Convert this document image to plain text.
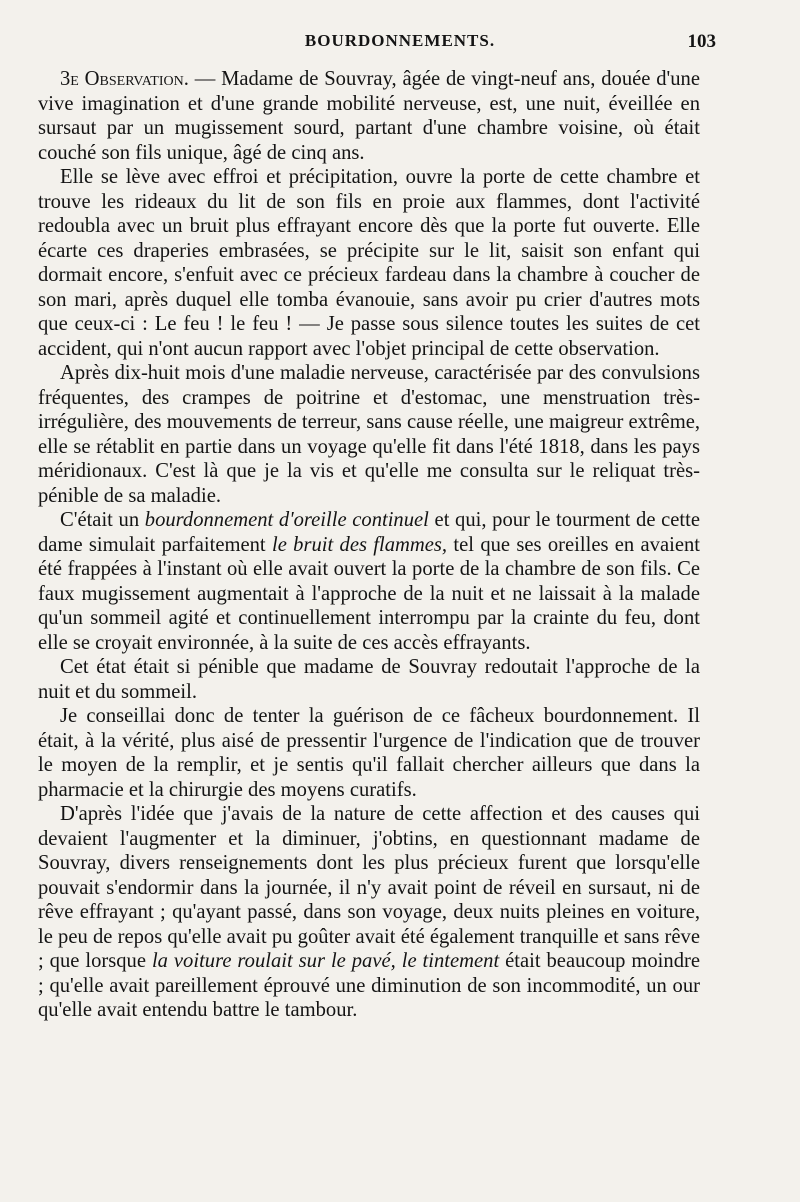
BOURDONNEMENTS.	103

3e Observation. — Madame de Souvray, âgée de vingt-neuf ans, douée d'une vive imagination et d'une grande mobilité nerveuse, est, une nuit, éveillée en sursaut par un mugissement sourd, partant d'une chambre voisine, où était couché son fils unique, âgé de cinq ans.

Elle se lève avec effroi et précipitation, ouvre la porte de cette chambre et trouve les rideaux du lit de son fils en proie aux flammes, dont l'activité redoubla avec un bruit plus effrayant encore dès que la porte fut ouverte. Elle écarte ces draperies embrasées, se précipite sur le lit, saisit son enfant qui dormait encore, s'enfuit avec ce précieux fardeau dans la chambre à coucher de son mari, après duquel elle tomba évanouie, sans avoir pu crier d'autres mots que ceux-ci : Le feu ! le feu ! — Je passe sous silence toutes les suites de cet accident, qui n'ont aucun rapport avec l'objet principal de cette observation.

Après dix-huit mois d'une maladie nerveuse, caractérisée par des convulsions fréquentes, des crampes de poitrine et d'estomac, une menstruation très-irrégulière, des mouvements de terreur, sans cause réelle, une maigreur extrême, elle se rétablit en partie dans un voyage qu'elle fit dans l'été 1818, dans les pays méridionaux. C'est là que je la vis et qu'elle me consulta sur le reliquat très-pénible de sa maladie.

C'était un bourdonnement d'oreille continuel et qui, pour le tourment de cette dame simulait parfaitement le bruit des flammes, tel que ses oreilles en avaient été frappées à l'instant où elle avait ouvert la porte de la chambre de son fils. Ce faux mugissement augmentait à l'approche de la nuit et ne laissait à la malade qu'un sommeil agité et continuellement interrompu par la crainte du feu, dont elle se croyait environnée, à la suite de ces accès effrayants.

Cet état était si pénible que madame de Souvray redoutait l'approche de la nuit et du sommeil.

Je conseillai donc de tenter la guérison de ce fâcheux bourdonnement. Il était, à la vérité, plus aisé de pressentir l'urgence de l'indication que de trouver le moyen de la remplir, et je sentis qu'il fallait chercher ailleurs que dans la pharmacie et la chirurgie des moyens curatifs.

D'après l'idée que j'avais de la nature de cette affection et des causes qui devaient l'augmenter et la diminuer, j'obtins, en questionnant madame de Souvray, divers renseignements dont les plus précieux furent que lorsqu'elle pouvait s'endormir dans la journée, il n'y avait point de réveil en sursaut, ni de rêve effrayant ; qu'ayant passé, dans son voyage, deux nuits pleines en voiture, le peu de repos qu'elle avait pu goûter avait été également tranquille et sans rêve ; que lorsque la voiture roulait sur le pavé, le tintement était beaucoup moindre ; qu'elle avait pareillement éprouvé une diminution de son incommodité, un our qu'elle avait entendu battre le tambour.
